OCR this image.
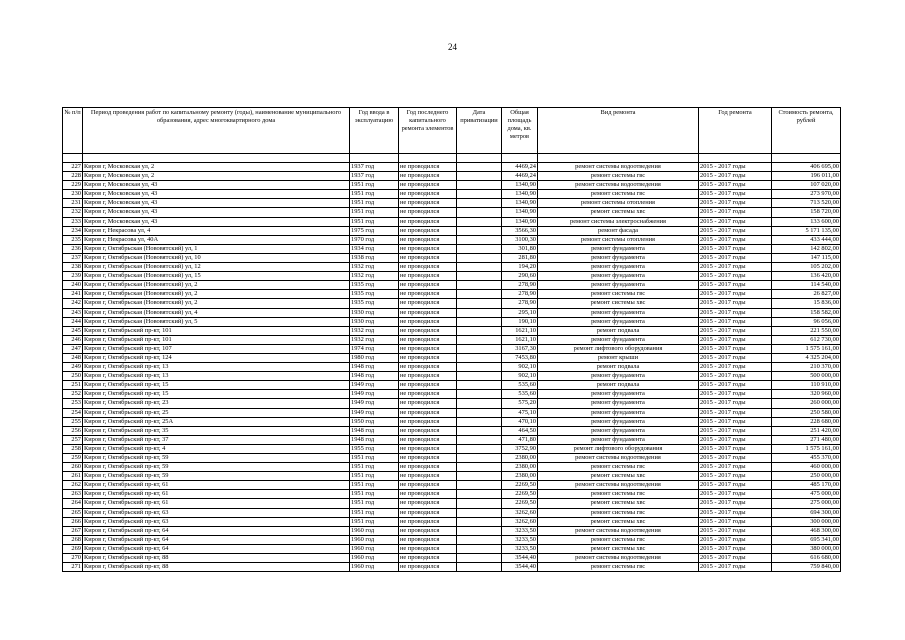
24
№ п/п	Период проведения работ по капитальному ремонту (годы), наименование муниципального образования, адрес многоквартирного дома	Год ввода в эксплуатацию	Год последнего капитального ремонта элементов	Дата приватизации	Общая площадь дома, кв. метров	Вид ремонта	Год ремонта	Стоимость ремонта, рублей

227	Киров г, Московская ул, 2	1937 год	не проводился		4469,24	ремонт системы водоотведения	2015 - 2017 годы	406 695,00
228	Киров г, Московская ул, 2	1937 год	не проводился		4469,24	ремонт системы гвс	2015 - 2017 годы	196 011,00
229	Киров г, Московская ул, 43	1951 год	не проводился		1340,90	ремонт системы водоотведения	2015 - 2017 годы	107 020,00
230	Киров г, Московская ул, 43	1951 год	не проводился		1340,90	ремонт системы гвс	2015 - 2017 годы	273 970,00
231	Киров г, Московская ул, 43	1951 год	не проводился		1340,90	ремонт системы отопления	2015 - 2017 годы	713 520,00
232	Киров г, Московская ул, 43	1951 год	не проводился		1340,90	ремонт системы хвс	2015 - 2017 годы	158 720,00
233	Киров г, Московская ул, 43	1951 год	не проводился		1340,90	ремонт системы электроснабжения	2015 - 2017 годы	133 600,00
234	Киров г, Некрасова ул, 4	1975 год	не проводился		3566,30	ремонт фасада	2015 - 2017 годы	5 171 135,00
235	Киров г, Некрасова ул, 40А	1970 год	не проводился		3100,30	ремонт системы отопления	2015 - 2017 годы	433 444,00
236	Киров г, Октябрьская (Нововятский) ул, 1	1934 год	не проводился		301,80	ремонт фундамента	2015 - 2017 годы	142 802,00
237	Киров г, Октябрьская (Нововятский) ул, 10	1938 год	не проводился		281,80	ремонт фундамента	2015 - 2017 годы	147 115,00
238	Киров г, Октябрьская (Нововятский) ул, 12	1932 год	не проводился		194,20	ремонт фундамента	2015 - 2017 годы	105 202,00
239	Киров г, Октябрьская (Нововятский) ул, 15	1932 год	не проводился		290,60	ремонт фундамента	2015 - 2017 годы	136 420,00
240	Киров г, Октябрьская (Нововятский) ул, 2	1935 год	не проводился		278,90	ремонт фундамента	2015 - 2017 годы	114 540,00
241	Киров г, Октябрьская (Нововятский) ул, 2	1935 год	не проводился		278,90	ремонт системы гвс	2015 - 2017 годы	26 827,00
242	Киров г, Октябрьская (Нововятский) ул, 2	1935 год	не проводился		278,90	ремонт системы хвс	2015 - 2017 годы	15 836,00
243	Киров г, Октябрьская (Нововятский) ул, 4	1930 год	не проводился		295,10	ремонт фундамента	2015 - 2017 годы	158 582,00
244	Киров г, Октябрьская (Нововятский) ул, 5	1930 год	не проводился		190,10	ремонт фундамента	2015 - 2017 годы	96 056,00
245	Киров г, Октябрьский пр-кт, 101	1932 год	не проводился		1621,10	ремонт подвала	2015 - 2017 годы	221 550,00
246	Киров г, Октябрьский пр-кт, 101	1932 год	не проводился		1621,10	ремонт фундамента	2015 - 2017 годы	612 730,00
247	Киров г, Октябрьский пр-кт, 107	1974 год	не проводился		3167,30	ремонт лифтового оборудования	2015 - 2017 годы	1 575 161,00
248	Киров г, Октябрьский пр-кт, 124	1980 год	не проводился		7453,80	ремонт крыши	2015 - 2017 годы	4 325 204,00
249	Киров г, Октябрьский пр-кт, 13	1948 год	не проводился		902,10	ремонт подвала	2015 - 2017 годы	210 370,00
250	Киров г, Октябрьский пр-кт, 13	1948 год	не проводился		902,10	ремонт фундамента	2015 - 2017 годы	500 000,00
251	Киров г, Октябрьский пр-кт, 15	1949 год	не проводился		535,60	ремонт подвала	2015 - 2017 годы	110 910,00
252	Киров г, Октябрьский пр-кт, 15	1949 год	не проводился		535,60	ремонт фундамента	2015 - 2017 годы	320 960,00
253	Киров г, Октябрьский пр-кт, 23	1949 год	не проводился		575,20	ремонт фундамента	2015 - 2017 годы	260 000,00
254	Киров г, Октябрьский пр-кт, 25	1949 год	не проводился		475,10	ремонт фундамента	2015 - 2017 годы	250 580,00
255	Киров г, Октябрьский пр-кт, 25А	1950 год	не проводился		470,10	ремонт фундамента	2015 - 2017 годы	228 680,00
256	Киров г, Октябрьский пр-кт, 35	1948 год	не проводился		464,50	ремонт фундамента	2015 - 2017 годы	251 420,00
257	Киров г, Октябрьский пр-кт, 37	1948 год	не проводился		471,80	ремонт фундамента	2015 - 2017 годы	271 480,00
258	Киров г, Октябрьский пр-кт, 4	1955 год	не проводился		3752,90	ремонт лифтового оборудования	2015 - 2017 годы	1 575 161,00
259	Киров г, Октябрьский пр-кт, 59	1951 год	не проводился		2380,00	ремонт системы водоотведения	2015 - 2017 годы	455 370,00
260	Киров г, Октябрьский пр-кт, 59	1951 год	не проводился		2380,00	ремонт системы гвс	2015 - 2017 годы	460 000,00
261	Киров г, Октябрьский пр-кт, 59	1951 год	не проводился		2380,00	ремонт системы хвс	2015 - 2017 годы	250 000,00
262	Киров г, Октябрьский пр-кт, 61	1951 год	не проводился		2269,50	ремонт системы водоотведения	2015 - 2017 годы	485 170,00
263	Киров г, Октябрьский пр-кт, 61	1951 год	не проводился		2269,50	ремонт системы гвс	2015 - 2017 годы	475 000,00
264	Киров г, Октябрьский пр-кт, 61	1951 год	не проводился		2269,50	ремонт системы хвс	2015 - 2017 годы	275 000,00
265	Киров г, Октябрьский пр-кт, 63	1951 год	не проводился		3262,60	ремонт системы гвс	2015 - 2017 годы	694 300,00
266	Киров г, Октябрьский пр-кт, 63	1951 год	не проводился		3262,60	ремонт системы хвс	2015 - 2017 годы	300 000,00
267	Киров г, Октябрьский пр-кт, 64	1960 год	не проводился		3233,50	ремонт системы водоотведения	2015 - 2017 годы	468 300,00
268	Киров г, Октябрьский пр-кт, 64	1960 год	не проводился		3233,50	ремонт системы гвс	2015 - 2017 годы	695 341,00
269	Киров г, Октябрьский пр-кт, 64	1960 год	не проводился		3233,50	ремонт системы хвс	2015 - 2017 годы	380 000,00
270	Киров г, Октябрьский пр-кт, 88	1960 год	не проводился		3544,40	ремонт системы водоотведения	2015 - 2017 годы	616 680,00
271	Киров г, Октябрьский пр-кт, 88	1960 год	не проводился		3544,40	ремонт системы гвс	2015 - 2017 годы	759 840,00
